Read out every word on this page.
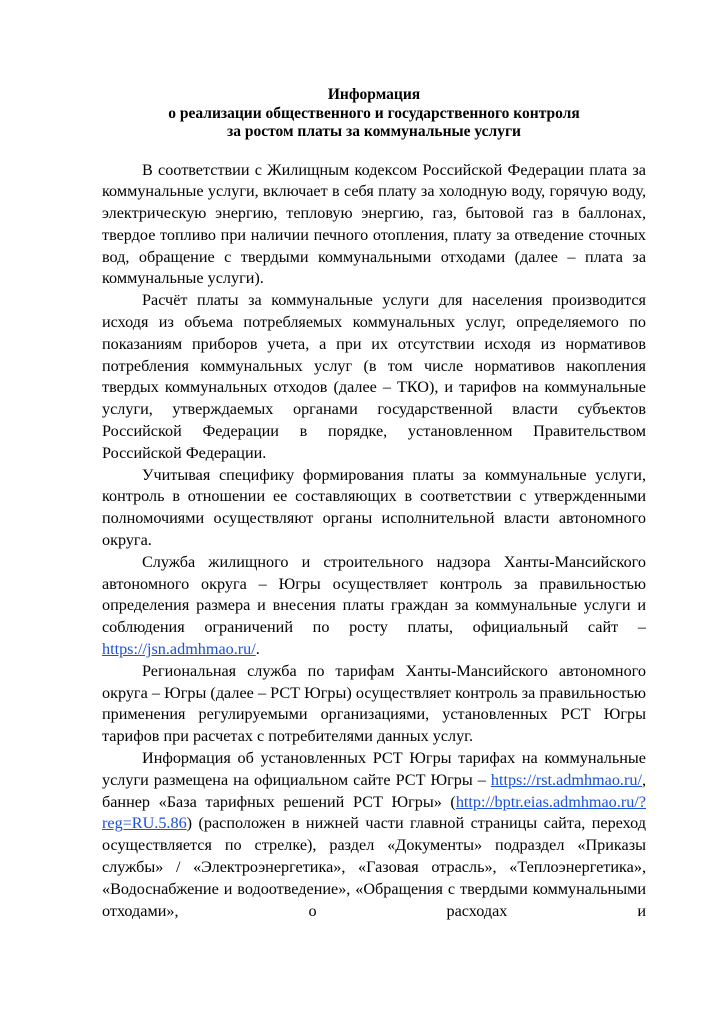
Информация
о реализации общественного и государственного контроля
за ростом платы за коммунальные услуги

В соответствии с Жилищным кодексом Российской Федерации плата за коммунальные услуги, включает в себя плату за холодную воду, горячую воду, электрическую энергию, тепловую энергию, газ, бытовой газ в баллонах, твердое топливо при наличии печного отопления, плату за отведение сточных вод, обращение с твердыми коммунальными отходами (далее – плата за коммунальные услуги).

Расчёт платы за коммунальные услуги для населения производится исходя из объема потребляемых коммунальных услуг, определяемого по показаниям приборов учета, а при их отсутствии исходя из нормативов потребления коммунальных услуг (в том числе нормативов накопления твердых коммунальных отходов (далее – ТКО), и тарифов на коммунальные услуги, утверждаемых органами государственной власти субъектов Российской Федерации в порядке, установленном Правительством Российской Федерации.

Учитывая специфику формирования платы за коммунальные услуги, контроль в отношении ее составляющих в соответствии с утвержденными полномочиями осуществляют органы исполнительной власти автономного округа.

Служба жилищного и строительного надзора Ханты-Мансийского автономного округа – Югры осуществляет контроль за правильностью определения размера и внесения платы граждан за коммунальные услуги и соблюдения ограничений по росту платы, официальный сайт – https://jsn.admhmao.ru/.

Региональная служба по тарифам Ханты-Мансийского автономного округа – Югры (далее – РСТ Югры) осуществляет контроль за правильностью применения регулируемыми организациями, установленных РСТ Югры тарифов при расчетах с потребителями данных услуг.

Информация об установленных РСТ Югры тарифах на коммунальные услуги размещена на официальном сайте РСТ Югры – https://rst.admhmao.ru/, баннер «База тарифных решений РСТ Югры» (http://bptr.eias.admhmao.ru/?reg=RU.5.86) (расположен в нижней части главной страницы сайта, переход осуществляется по стрелке), раздел «Документы» подраздел «Приказы службы» / «Электроэнергетика», «Газовая отрасль», «Теплоэнергетика», «Водоснабжение и водоотведение», «Обращения с твердыми коммунальными отходами», о расходах и
